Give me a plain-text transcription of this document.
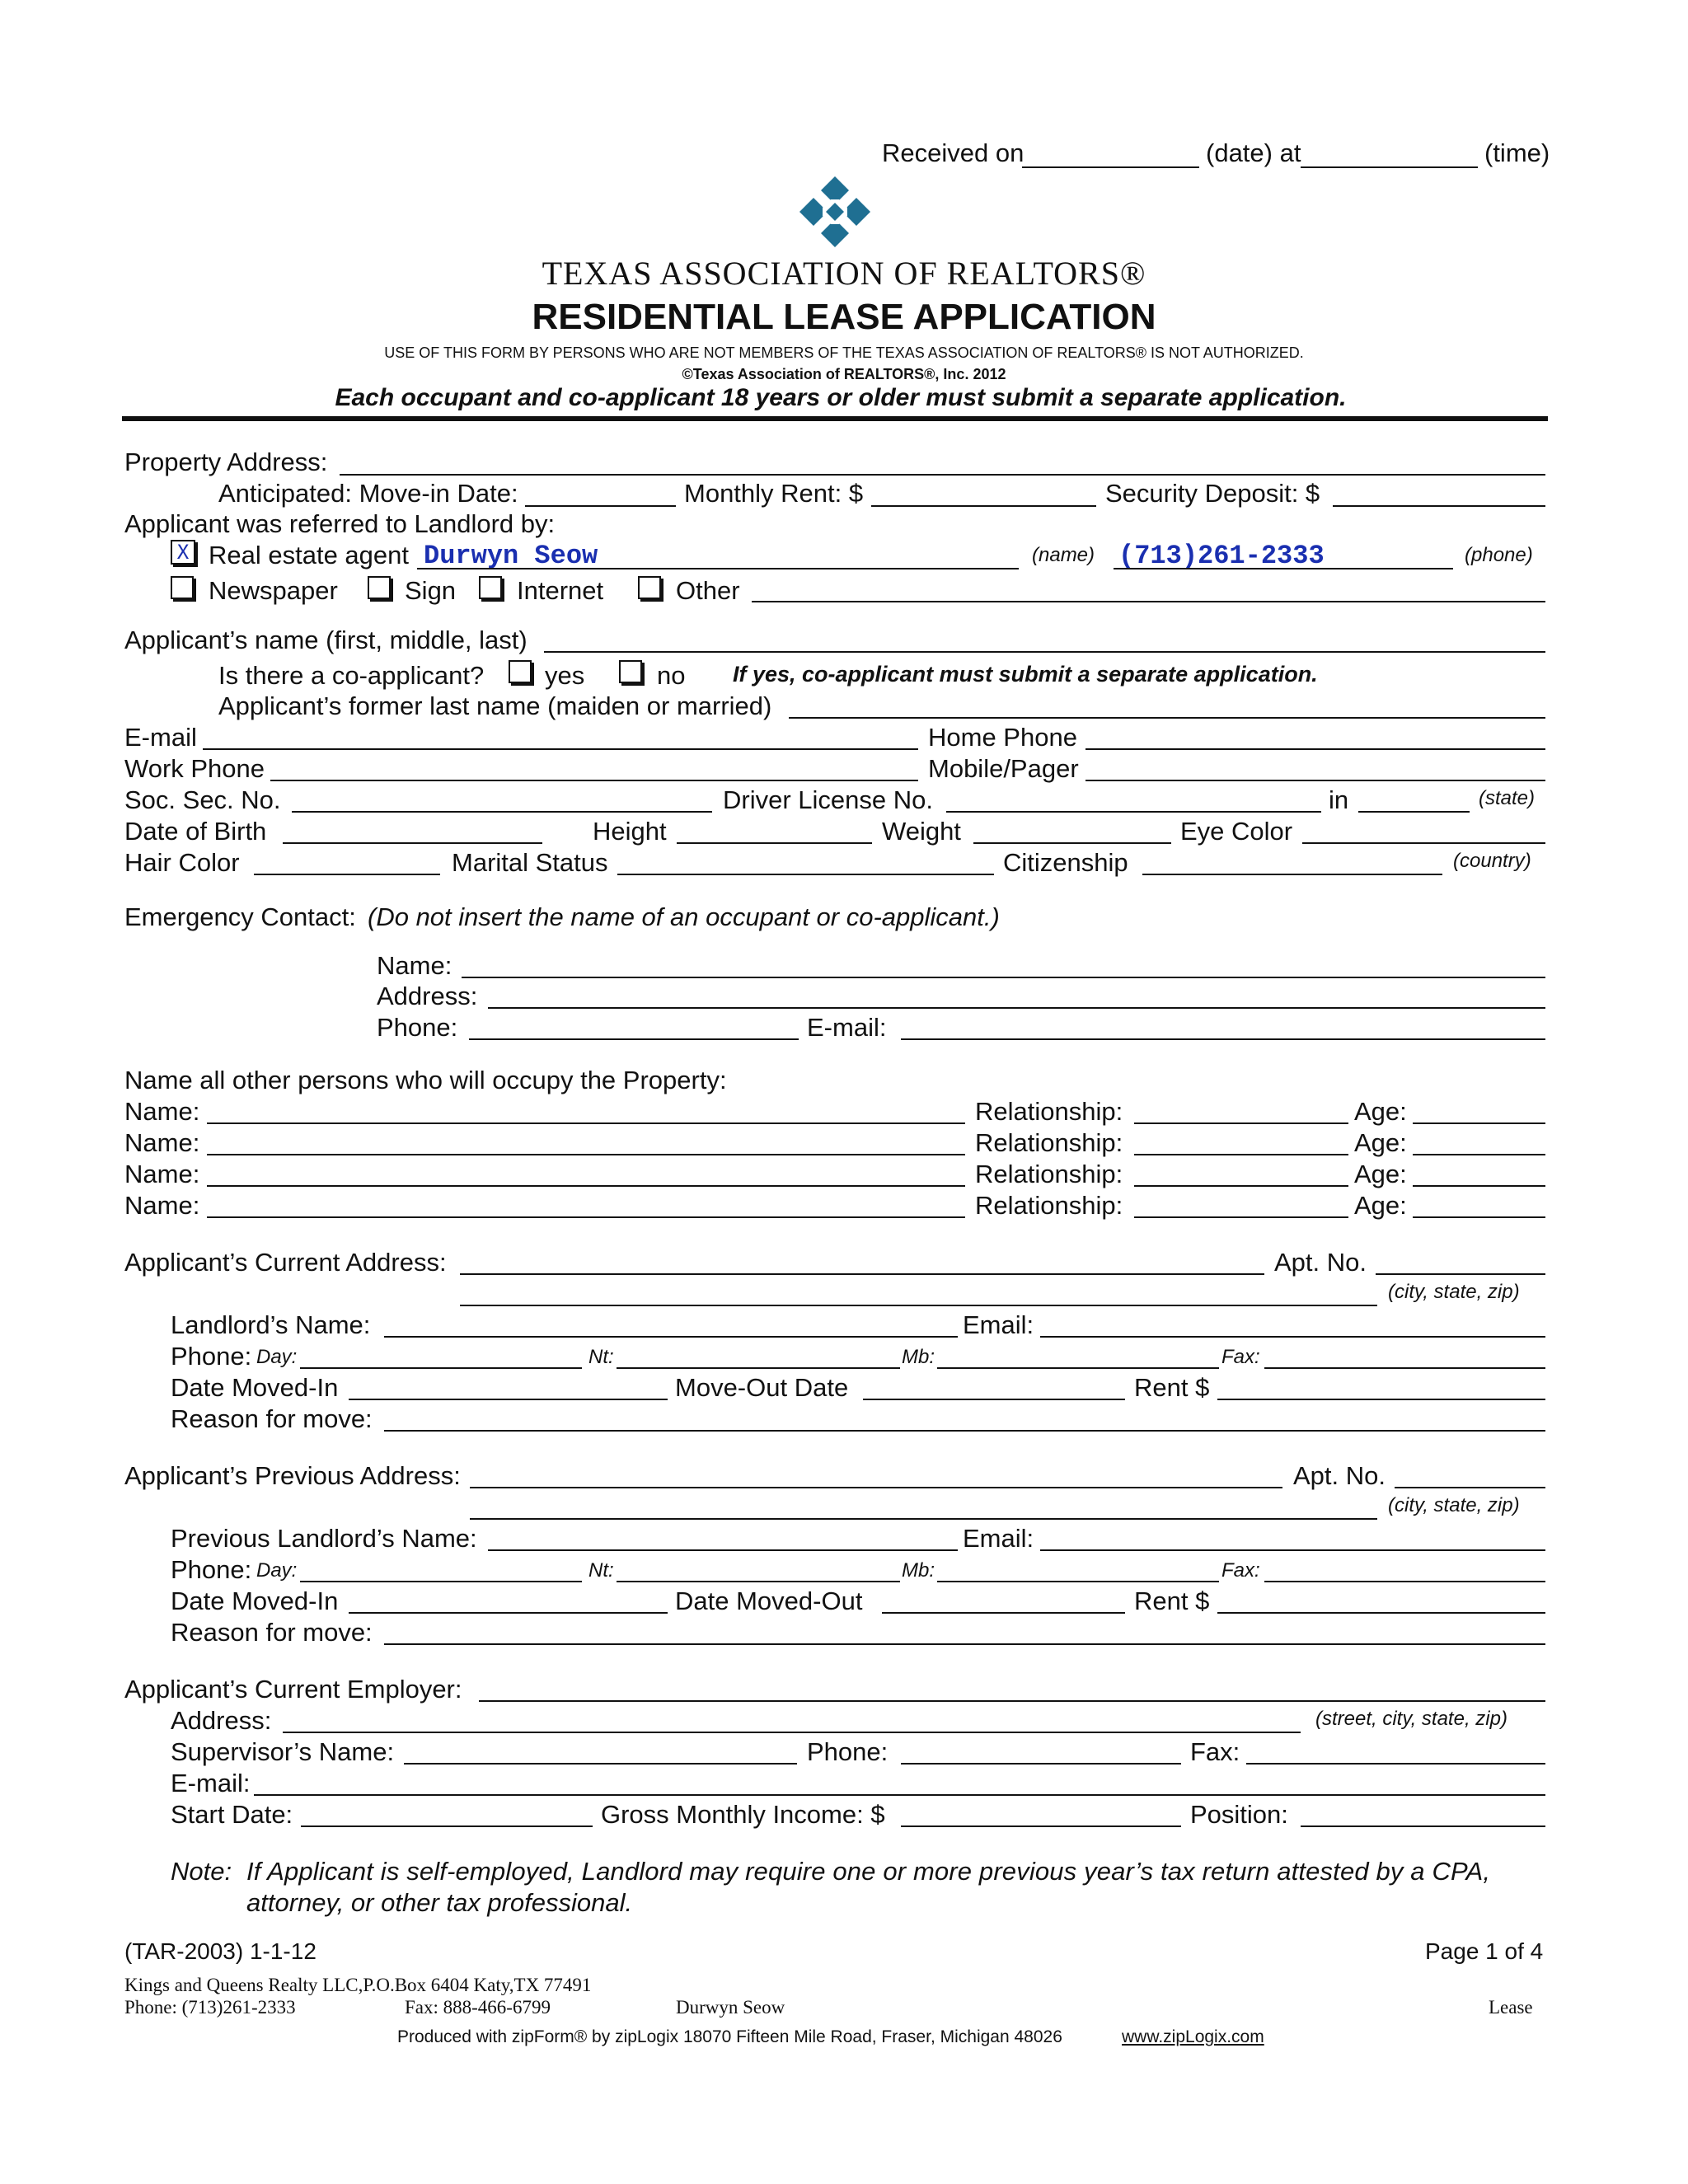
Received on	(date) at	(time)
TEXAS ASSOCIATION OF REALTORS®
RESIDENTIAL LEASE APPLICATION
USE OF THIS FORM BY PERSONS WHO ARE NOT MEMBERS OF THE TEXAS ASSOCIATION OF REALTORS® IS NOT AUTHORIZED.
©Texas Association of REALTORS®, Inc. 2012
Each occupant and co-applicant 18 years or older must submit a separate application.
Property Address:
Anticipated: Move-in Date:	Monthly Rent: $	Security Deposit: $
Applicant was referred to Landlord by:
X Real estate agent Durwyn Seow	(name) (713)261-2333	(phone)
Newspaper	Sign Internet	Other
Applicant’s name (first, middle, last)
Is there a co-applicant? yes	no If yes, co-applicant must submit a separate application.
Applicant’s former last name (maiden or married)
E-mail	Home Phone
Work Phone	Mobile/Pager
Soc. Sec. No.	Driver License No.	in	(state)
Date of Birth	Height	Weight	Eye Color
Hair Color	Marital Status	Citizenship	(country)
Emergency Contact: (Do not insert the name of an occupant or co-applicant.)
Name:
Address:
Phone:	E-mail:
Name all other persons who will occupy the Property:
Name:	Relationship:	Age:
Name:	Relationship:	Age:
Name:	Relationship:	Age:
Name:	Relationship:	Age:
Applicant’s Current Address:	Apt. No.
(city, state, zip)
Landlord’s Name:	Email:
Phone: Day:	Nt:	Mb:	Fax:
Date Moved-In	Move-Out Date	Rent $
Reason for move:
Applicant’s Previous Address:	Apt. No.
(city, state, zip)
Previous Landlord’s Name:	Email:
Phone: Day:	Nt:	Mb:	Fax:
Date Moved-In	Date Moved-Out	Rent $
Reason for move:
Applicant’s Current Employer:
Address:	(street, city, state, zip)
Supervisor’s Name:	Phone:	Fax:
E-mail:
Start Date:	Gross Monthly Income: $	Position:
Note: If Applicant is self-employed, Landlord may require one or more previous year’s tax return attested by a CPA,
attorney, or other tax professional.
(TAR-2003) 1-1-12	Page 1 of 4
Kings and Queens Realty LLC,P.O.Box 6404 Katy,TX 77491
Phone: (713)261-2333	Fax: 888-466-6799	Durwyn Seow	Lease
Produced with zipForm® by zipLogix 18070 Fifteen Mile Road, Fraser, Michigan 48026	www.zipLogix.com
